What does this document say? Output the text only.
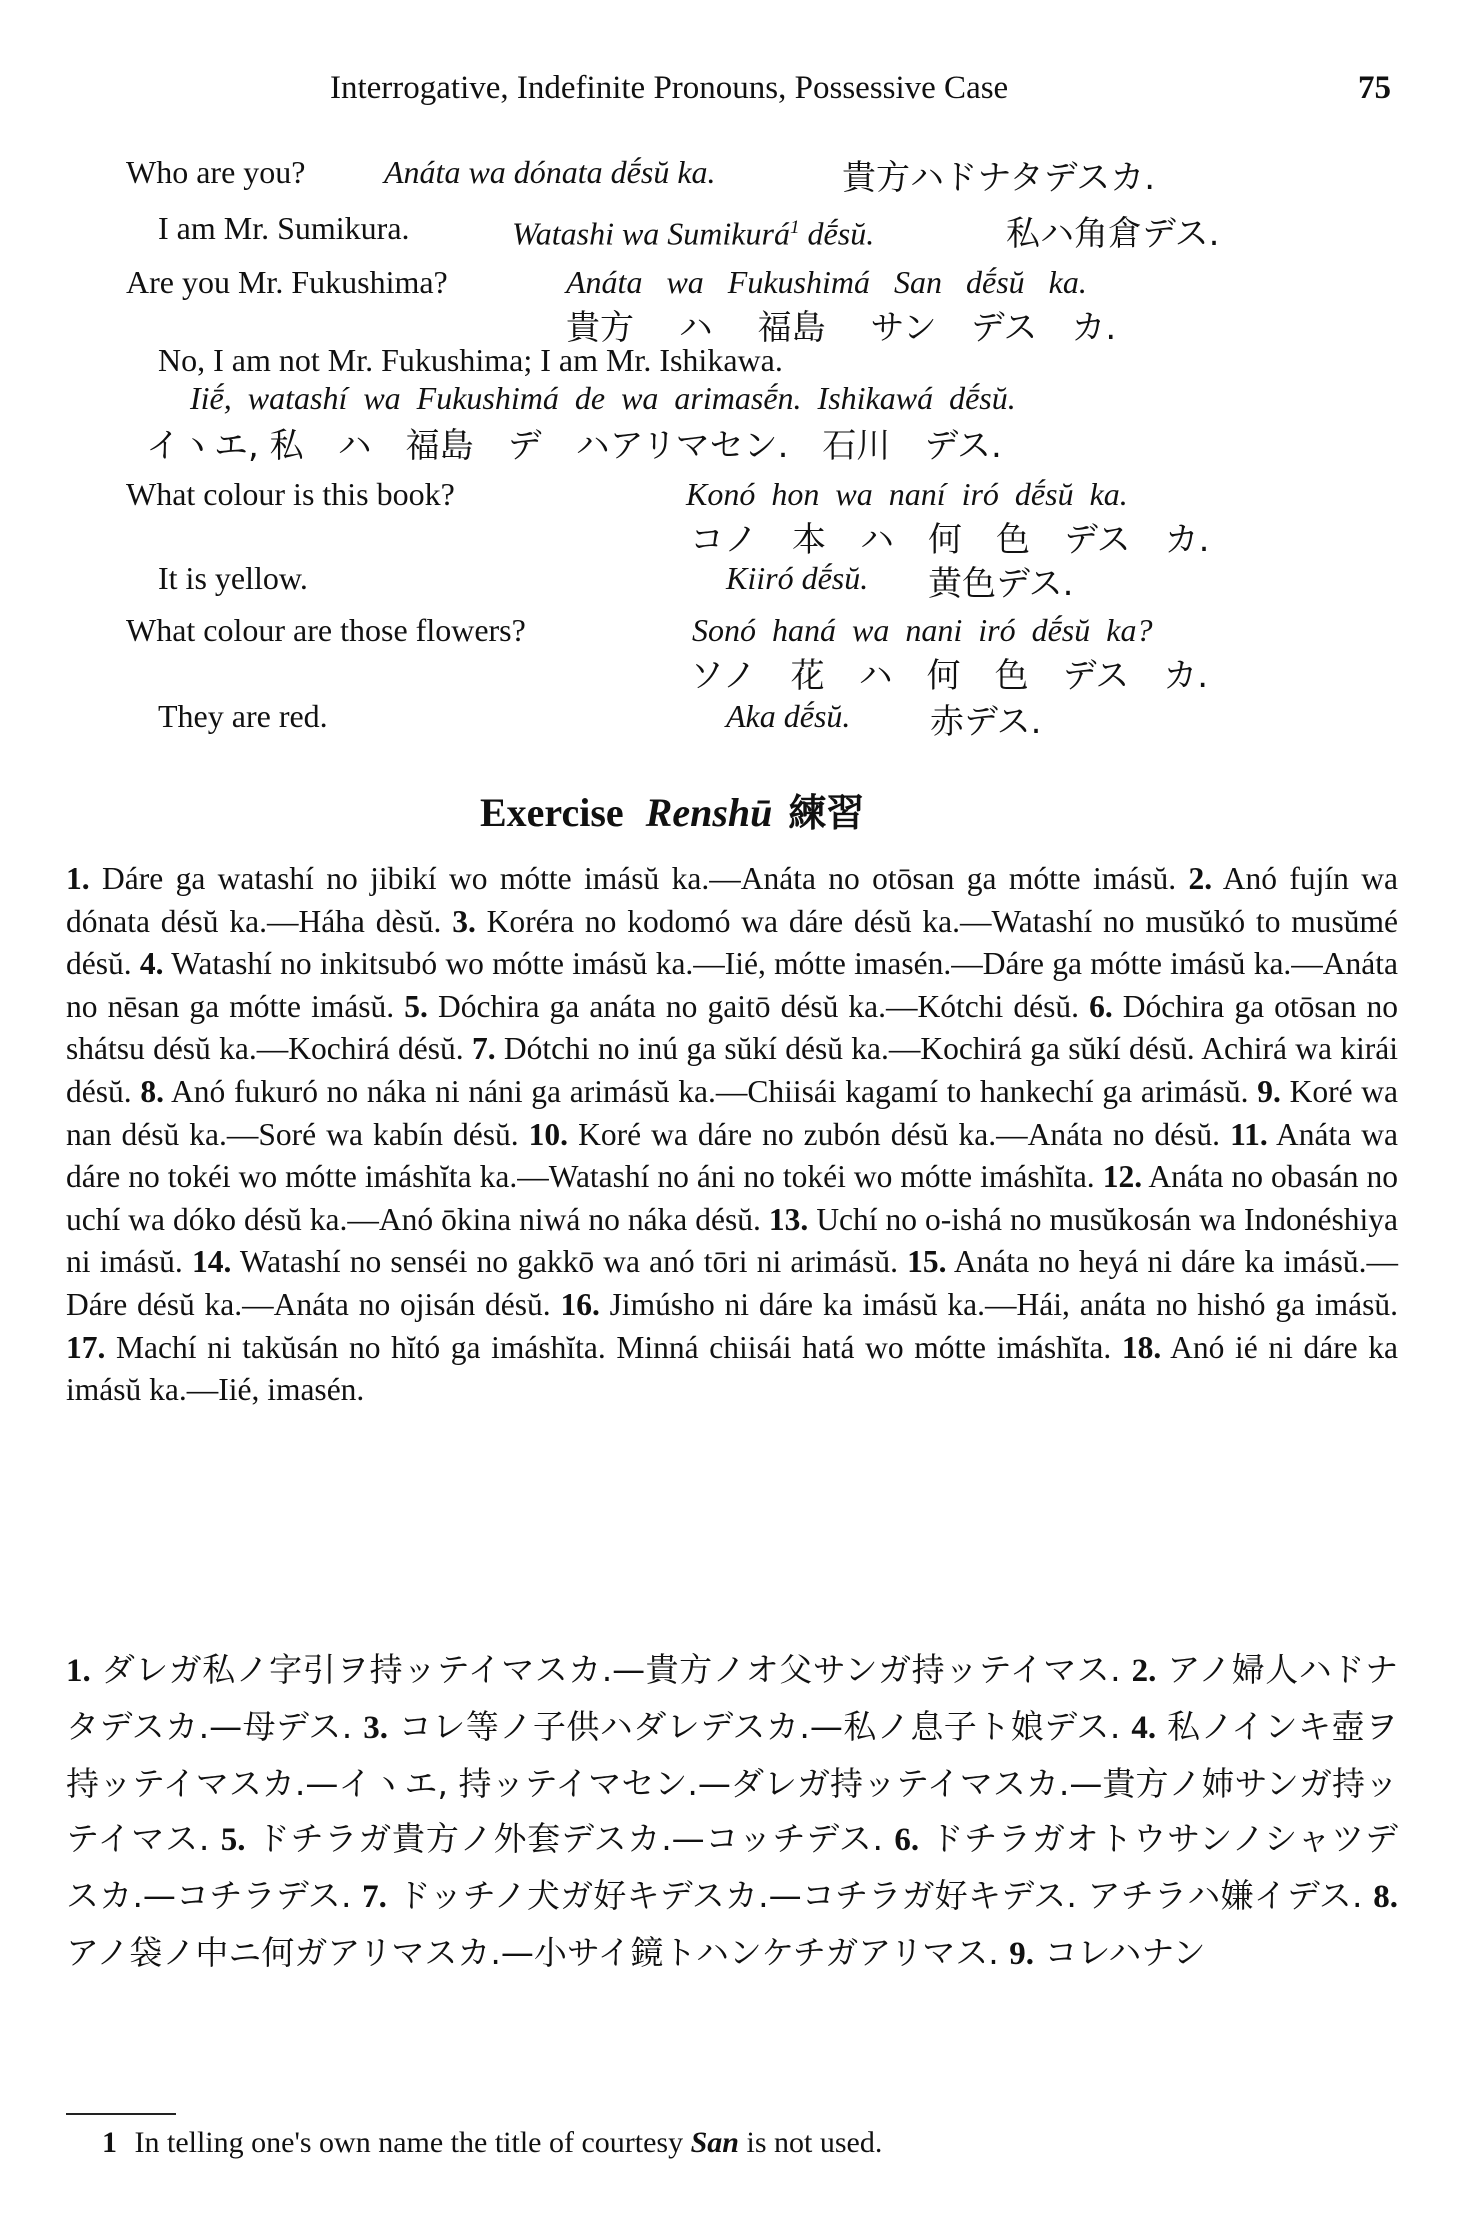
Interrogative, Indefinite Pronouns, Possessive Case	75
Who are you? Anáta wa dónata dḗsŭ ka.	貴方ハドナタデスカ.
I am Mr. Sumikura.	Watashi wa Sumikurá$^1$ dḗsŭ.	私ハ角倉デス.
Are you Mr. Fukushima?	Anáta   wa   Fukushimá   San   dḗsŭ   ka.
貴方　 ハ　 福島　 サン　デス　カ.
No, I am not Mr. Fukushima; I am Mr. Ishikawa.
Iiḗ,  watashí  wa  Fukushimá  de  wa  arimasḗn.  Ishikawá  dḗsŭ.
イヽエ, 私　ハ　福島　デ　ハアリマセン.　石川　デス.
What colour is this book?	Konó  hon  wa  naní  iró  dḗsŭ  ka.
コノ　本　ハ　何　色　デス　カ.
It is yellow.	Kiiró dḗsŭ. 黄色デス.
What colour are those flowers?	Sonó  haná  wa  nani  iró  dḗsŭ  ka?
ソノ　花　ハ　何　色　デス　カ.
They are red.	Aka dḗsŭ. 赤デス.
Exercise Renshū 練習
1. Dáre ga watashí no jibikí wo mótte imásŭ ka.—Anáta no otōsan ga mótte imásŭ. 2. Anó fujín wa dónata désŭ ka.—Háha dèsŭ. 3. Koréra no kodomó wa dáre désŭ ka.—Watashí no musŭkó to musŭmé désŭ. 4. Watashí no inkitsubó wo mótte imásŭ ka.—Iié, mótte imasén.—Dáre ga mótte imásŭ ka.—Anáta no nēsan ga mótte imásŭ. 5. Dóchira ga anáta no gaitō désŭ ka.—Kótchi désŭ. 6. Dóchira ga otōsan no shátsu désŭ ka.—Kochirá désŭ. 7. Dótchi no inú ga sŭkí désŭ ka.—Kochirá ga sŭkí désŭ. Achirá wa kirái désŭ. 8. Anó fukuró no náka ni náni ga arimásŭ ka.—Chiisái kagamí to hankechí ga arimásŭ. 9. Koré wa nan désŭ ka.—Soré wa kabín désŭ. 10. Koré wa dáre no zubón désŭ ka.—Anáta no désŭ. 11. Anáta wa dáre no tokéi wo mótte imáshĭta ka.—Watashí no áni no tokéi wo mótte imáshĭta. 12. Anáta no obasán no uchí wa dóko désŭ ka.—Anó ōkina niwá no náka désŭ. 13. Uchí no o-ishá no musŭkosán wa Indonéshiya ni imásŭ. 14. Watashí no senséi no gakkō wa anó tōri ni arimásŭ. 15. Anáta no heyá ni dáre ka imásŭ.—Dáre désŭ ka.—Anáta no ojisán désŭ. 16. Jimúsho ni dáre ka imásŭ ka.—Hái, anáta no hishó ga imásŭ. 17. Machí ni takŭsán no hĭtó ga imáshĭta. Minná chiisái hatá wo mótte imáshĭta. 18. Anó ié ni dáre ka imásŭ ka.—Iié, imasén.
1. ダレガ私ノ字引ヲ持ッテイマスカ.—貴方ノオ父サンガ持ッテイマス. 2. アノ婦人ハドナタデスカ.—母デス. 3. コレ等ノ子供ハダレデスカ.—私ノ息子ト娘デス. 4. 私ノインキ壺ヲ持ッテイマスカ.—イヽエ, 持ッテイマセン.—ダレガ持ッテイマスカ.—貴方ノ姉サンガ持ッテイマス. 5. ドチラガ貴方ノ外套デスカ.—コッチデス. 6. ドチラガオトウサンノシャツデスカ.—コチラデス. 7. ドッチノ犬ガ好キデスカ.—コチラガ好キデス. アチラハ嫌イデス. 8. アノ袋ノ中ニ何ガアリマスカ.—小サイ鏡トハンケチガアリマス. 9. コレハナン
1 In telling one's own name the title of courtesy San is not used.
